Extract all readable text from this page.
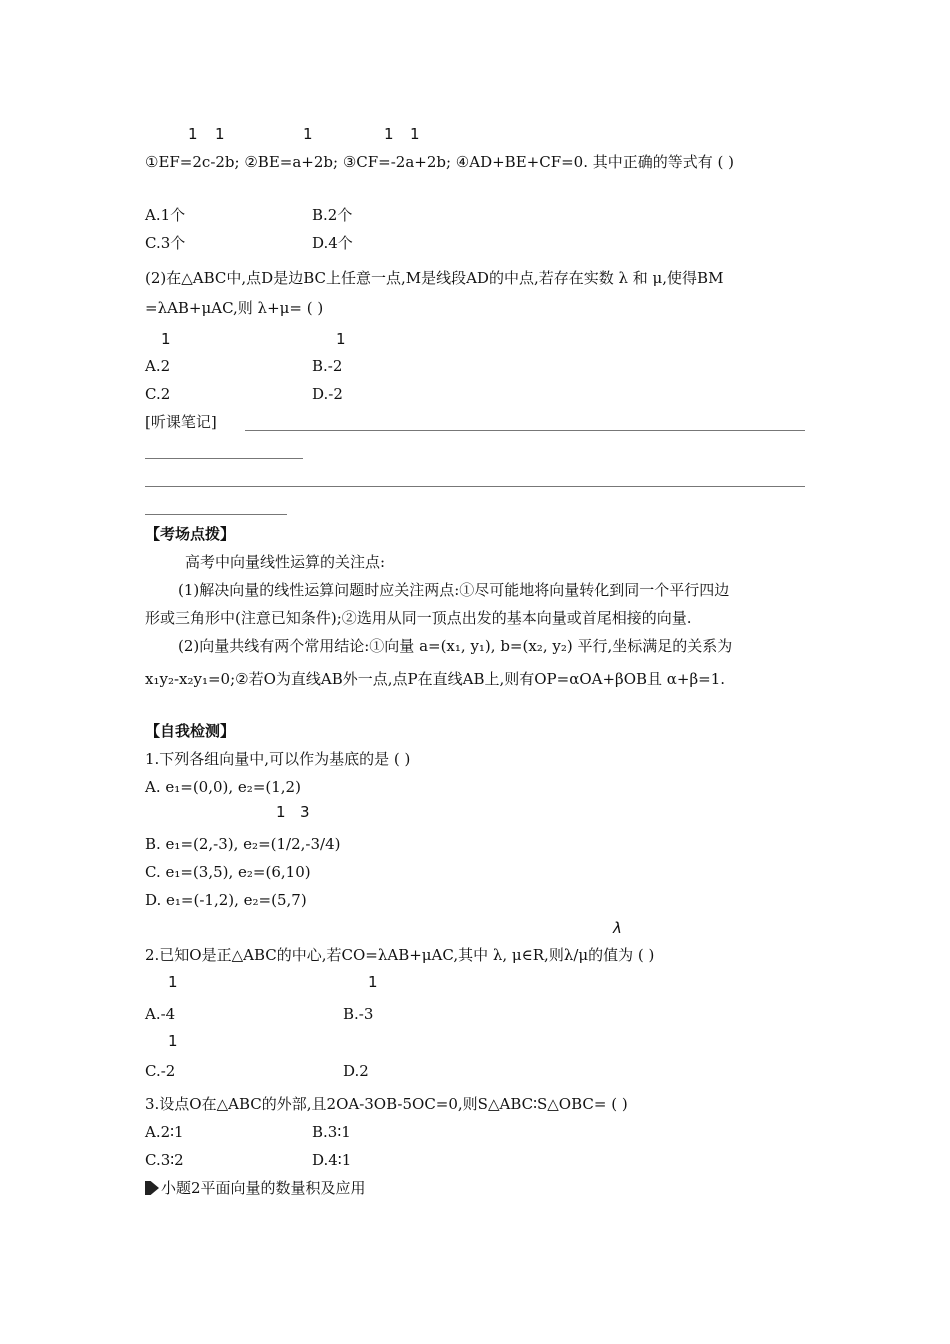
1 1	1	1 1
①EF=2c-2b; ②BE=a+2b; ③CF=-2a+2b; ④AD+BE+CF=0. 其中正确的等式有 ( )
A.1个	B.2个
C.3个	D.4个
(2)在△ABC中,点D是边BC上任意一点,M是线段AD的中点,若存在实数 λ 和 μ,使得BM
=λAB+μAC,则 λ+μ= ( )
1	1
A.2	B.-2
C.2	D.-2
[听课笔记]
【考场点拨】
高考中向量线性运算的关注点:
(1)解决向量的线性运算问题时应关注两点:①尽可能地将向量转化到同一个平行四边
形或三角形中(注意已知条件);②选用从同一顶点出发的基本向量或首尾相接的向量.
(2)向量共线有两个常用结论:①向量 a=(x₁, y₁), b=(x₂, y₂) 平行,坐标满足的关系为
x₁y₂-x₂y₁=0;②若O为直线AB外一点,点P在直线AB上,则有OP=αOA+βOB且 α+β=1.
【自我检测】
1.下列各组向量中,可以作为基底的是 ( )
A. e₁=(0,0), e₂=(1,2)
1 3
B. e₁=(2,-3), e₂=(1/2,-3/4)
C. e₁=(3,5), e₂=(6,10)
D. e₁=(-1,2), e₂=(5,7)
λ
2.已知O是正△ABC的中心,若CO=λAB+μAC,其中 λ, μ∈R,则λ/μ的值为 ( )
1	1
A.-4	B.-3
1
C.-2	D.2
3.设点O在△ABC的外部,且2OA-3OB-5OC=0,则S△ABC∶S△OBC= ( )
A.2∶1	B.3∶1
C.3∶2	D.4∶1
小题2平面向量的数量积及应用
